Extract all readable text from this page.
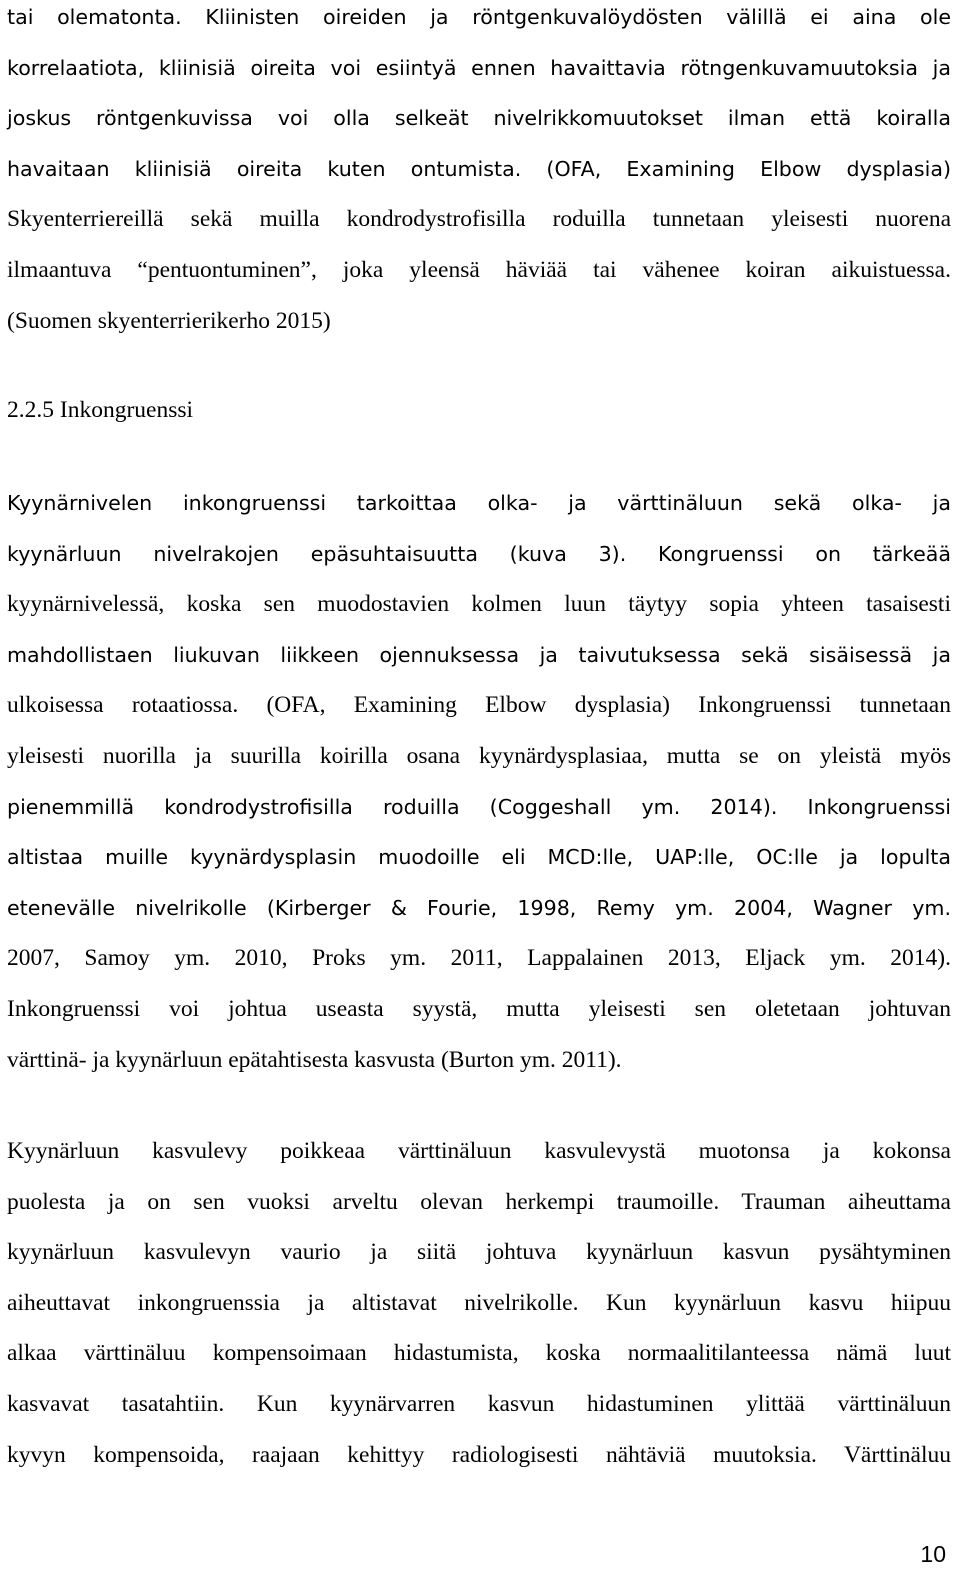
tai olematonta. Kliinisten oireiden ja röntgenkuvalöydösten välillä ei aina ole
korrelaatiota, kliinisiä oireita voi esiintyä ennen havaittavia rötngenkuvamuutoksia ja
joskus röntgenkuvissa voi olla selkeät nivelrikkomuutokset ilman että koiralla
havaitaan kliinisiä oireita kuten ontumista. (OFA, Examining Elbow dysplasia)
Skyenterriereillä sekä muilla kondrodystrofisilla roduilla tunnetaan yleisesti nuorena
ilmaantuva “pentuontuminen”, joka yleensä häviää tai vähenee koiran aikuistuessa.
(Suomen skyenterrierikerho 2015)
2.2.5 Inkongruenssi
Kyynärnivelen inkongruenssi tarkoittaa olka- ja värttinäluun sekä olka- ja
kyynärluun nivelrakojen epäsuhtaisuutta (kuva 3). Kongruenssi on tärkeää
kyynärnivelessä, koska sen muodostavien kolmen luun täytyy sopia yhteen tasaisesti
mahdollistaen liukuvan liikkeen ojennuksessa ja taivutuksessa sekä sisäisessä ja
ulkoisessa rotaatiossa. (OFA, Examining Elbow dysplasia) Inkongruenssi tunnetaan
yleisesti nuorilla ja suurilla koirilla osana kyynärdysplasiaa, mutta se on yleistä myös
pienemmillä kondrodystrofisilla roduilla (Coggeshall ym. 2014). Inkongruenssi
altistaa muille kyynärdysplasin muodoille eli MCD:lle, UAP:lle, OC:lle ja lopulta
etenevälle nivelrikolle (Kirberger & Fourie, 1998, Remy ym. 2004, Wagner ym.
2007, Samoy ym. 2010, Proks ym. 2011, Lappalainen 2013, Eljack ym. 2014).
Inkongruenssi voi johtua useasta syystä, mutta yleisesti sen oletetaan johtuvan
värttinä- ja kyynärluun epätahtisesta kasvusta (Burton ym. 2011).
Kyynärluun kasvulevy poikkeaa värttinäluun kasvulevystä muotonsa ja kokonsa
puolesta ja on sen vuoksi arveltu olevan herkempi traumoille. Trauman aiheuttama
kyynärluun kasvulevyn vaurio ja siitä johtuva kyynärluun kasvun pysähtyminen
aiheuttavat inkongruenssia ja altistavat nivelrikolle. Kun kyynärluun kasvu hiipuu
alkaa värttinäluu kompensoimaan hidastumista, koska normaalitilanteessa nämä luut
kasvavat tasatahtiin. Kun kyynärvarren kasvun hidastuminen ylittää värttinäluun
kyvyn kompensoida, raajaan kehittyy radiologisesti nähtäviä muutoksia. Värttinäluu
10
